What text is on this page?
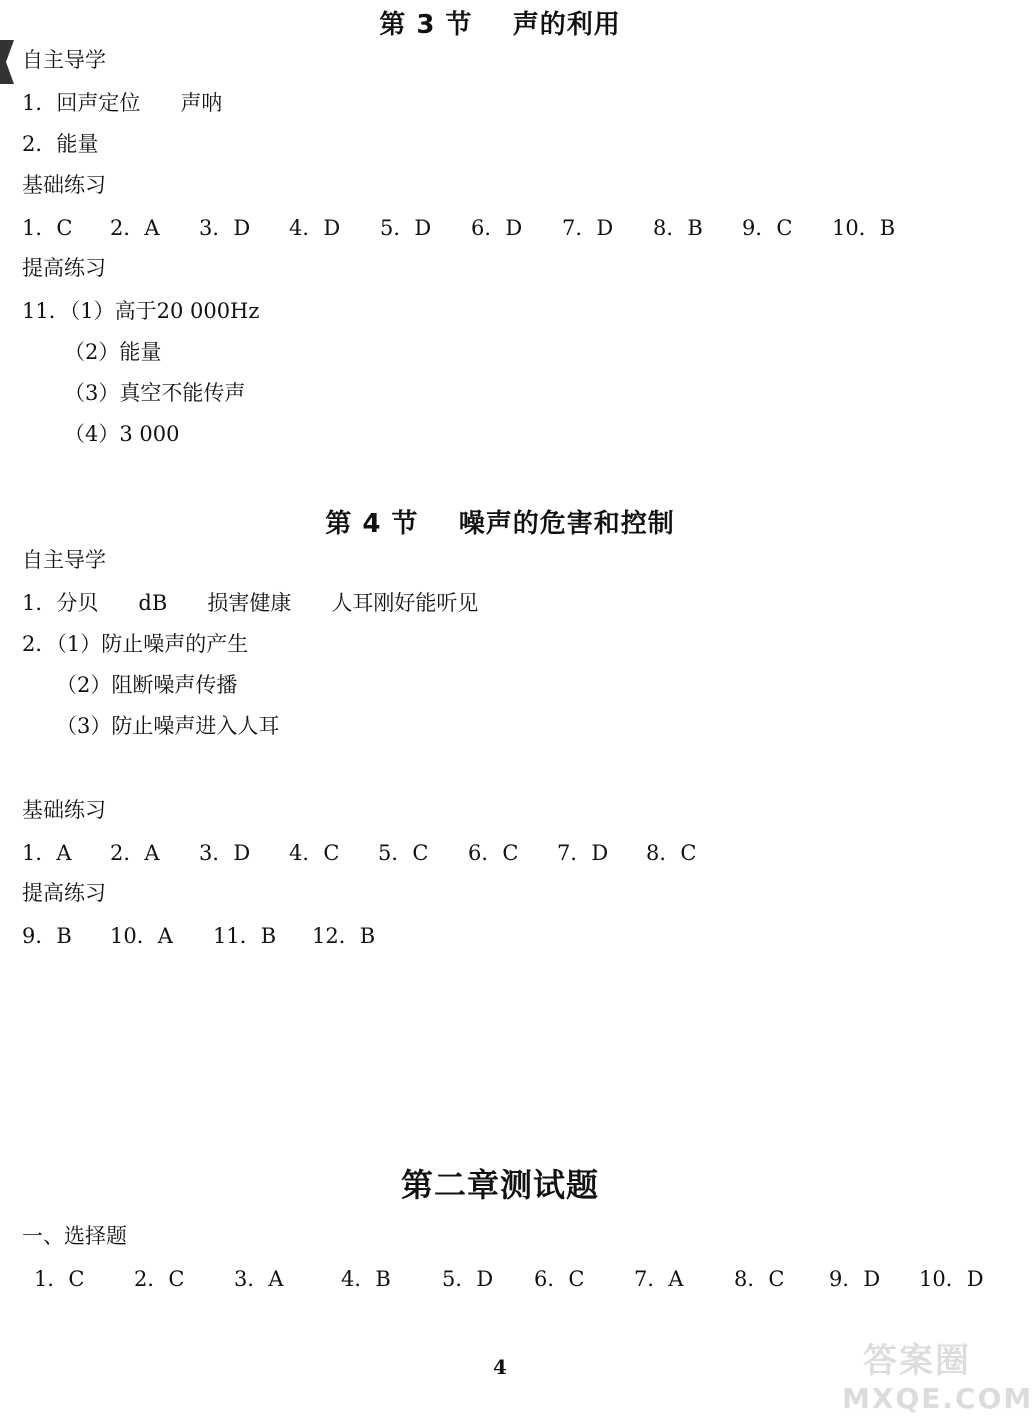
第 3 节    声的利用
自主导学
1．回声定位      声呐
2．能量
基础练习
1．C 2．A 3．D 4．D 5．D 6．D 7．D 8．B 9．C 10．B
提高练习
11．（1）高于20 000Hz
（2）能量
（3）真空不能传声
（4）3 000
第 4 节    噪声的危害和控制
自主导学
1．分贝      dB      损害健康      人耳刚好能听见
2．（1）防止噪声的产生
（2）阻断噪声传播
（3）防止噪声进入人耳
基础练习
1．A 2．A 3．D 4．C 5．C 6．C 7．D 8．C
提高练习
9．B 10．A 11．B 12．B
第二章测试题
一、选择题
1．C 2．C 3．A	4．B 5．D 6．C 7．A 8．C 9．D 10．D
4	答案圈
MXQE.COM
